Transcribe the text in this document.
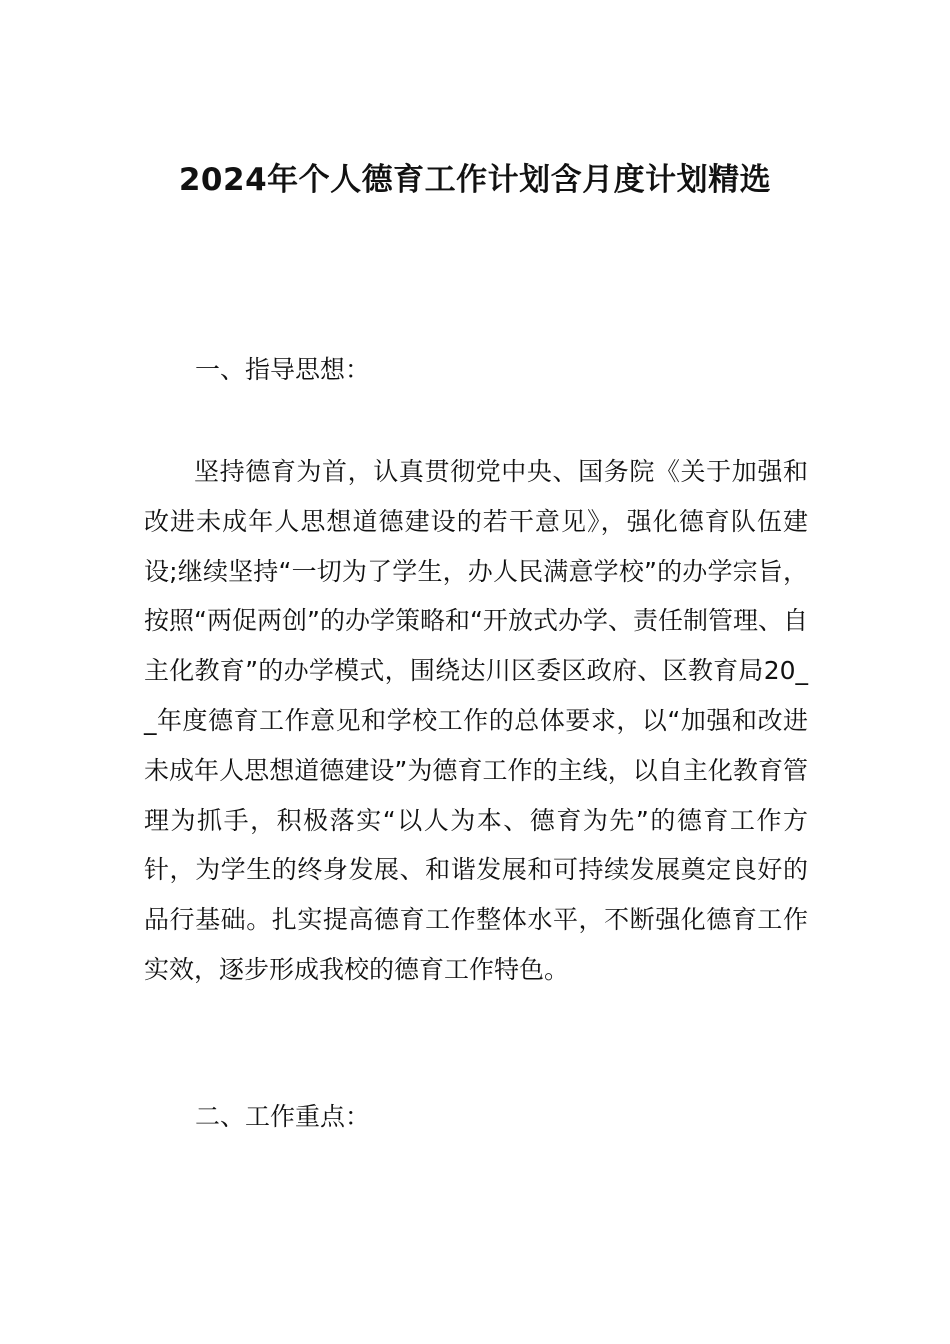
2024年个人德育工作计划含月度计划精选

一、指导思想：

坚持德育为首，认真贯彻党中央、国务院《关于加强和改进未成年人思想道德建设的若干意见》，强化德育队伍建设;继续坚持“一切为了学生，办人民满意学校”的办学宗旨，按照“两促两创”的办学策略和“开放式办学、责任制管理、自主化教育”的办学模式，围绕达川区委区政府、区教育局20__年度德育工作意见和学校工作的总体要求，以“加强和改进未成年人思想道德建设”为德育工作的主线，以自主化教育管理为抓手，积极落实“以人为本、德育为先”的德育工作方针，为学生的终身发展、和谐发展和可持续发展奠定良好的品行基础。扎实提高德育工作整体水平，不断强化德育工作实效，逐步形成我校的德育工作特色。

二、工作重点：
